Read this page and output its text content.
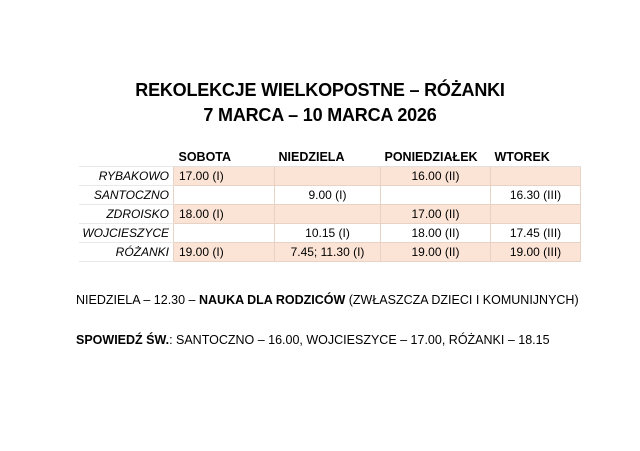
REKOLEKCJE WIELKOPOSTNE – RÓŻANKI
7 MARCA – 10 MARCA 2026
	SOBOTA	NIEDZIELA	PONIEDZIAŁEK	WTOREK
RYBAKOWO	17.00 (I)		16.00 (II)	
SANTOCZNO		9.00 (I)		16.30 (III)
ZDROISKO	18.00 (I)		17.00 (II)	
WOJCIESZYCE		10.15 (I)	18.00 (II)	17.45 (III)
RÓŻANKI	19.00 (I)	7.45; 11.30 (I)	19.00 (II)	19.00 (III)
NIEDZIELA – 12.30 – NAUKA DLA RODZICÓW (ZWŁASZCZA DZIECI I KOMUNIJNYCH)
SPOWIEDŹ ŚW.: SANTOCZNO – 16.00, WOJCIESZYCE – 17.00, RÓŻANKI – 18.15
